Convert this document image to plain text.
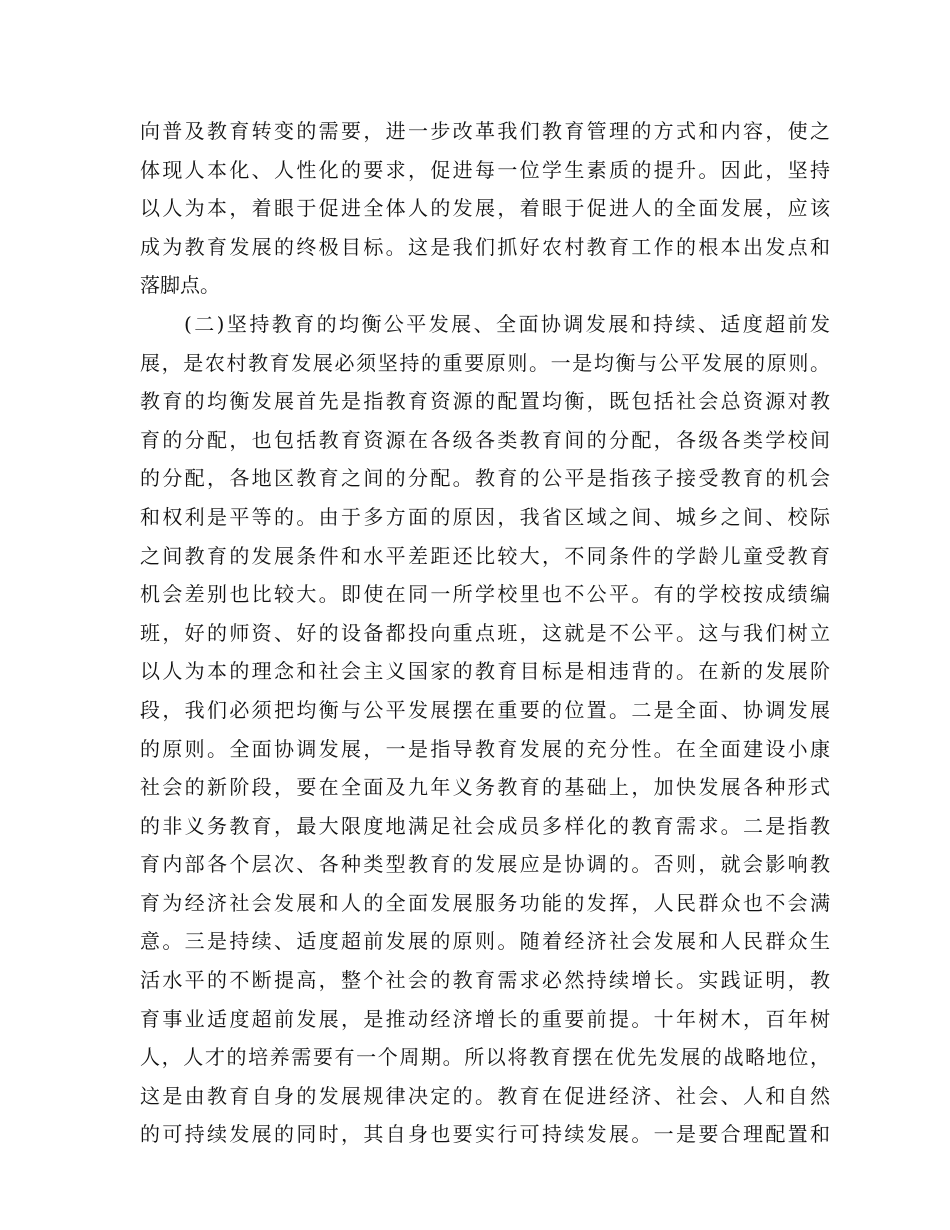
向普及教育转变的需要，进一步改革我们教育管理的方式和内容，使之
体现人本化、人性化的要求，促进每一位学生素质的提升。因此，坚持
以人为本，着眼于促进全体人的发展，着眼于促进人的全面发展，应该
成为教育发展的终极目标。这是我们抓好农村教育工作的根本出发点和
落脚点。
(二)坚持教育的均衡公平发展、全面协调发展和持续、适度超前发
展，是农村教育发展必须坚持的重要原则。一是均衡与公平发展的原则。
教育的均衡发展首先是指教育资源的配置均衡，既包括社会总资源对教
育的分配，也包括教育资源在各级各类教育间的分配，各级各类学校间
的分配，各地区教育之间的分配。教育的公平是指孩子接受教育的机会
和权利是平等的。由于多方面的原因，我省区域之间、城乡之间、校际
之间教育的发展条件和水平差距还比较大，不同条件的学龄儿童受教育
机会差别也比较大。即使在同一所学校里也不公平。有的学校按成绩编
班，好的师资、好的设备都投向重点班，这就是不公平。这与我们树立
以人为本的理念和社会主义国家的教育目标是相违背的。在新的发展阶
段，我们必须把均衡与公平发展摆在重要的位置。二是全面、协调发展
的原则。全面协调发展，一是指导教育发展的充分性。在全面建设小康
社会的新阶段，要在全面及九年义务教育的基础上，加快发展各种形式
的非义务教育，最大限度地满足社会成员多样化的教育需求。二是指教
育内部各个层次、各种类型教育的发展应是协调的。否则，就会影响教
育为经济社会发展和人的全面发展服务功能的发挥，人民群众也不会满
意。三是持续、适度超前发展的原则。随着经济社会发展和人民群众生
活水平的不断提高，整个社会的教育需求必然持续增长。实践证明，教
育事业适度超前发展，是推动经济增长的重要前提。十年树木，百年树
人，人才的培养需要有一个周期。所以将教育摆在优先发展的战略地位，
这是由教育自身的发展规律决定的。教育在促进经济、社会、人和自然
的可持续发展的同时，其自身也要实行可持续发展。一是要合理配置和
